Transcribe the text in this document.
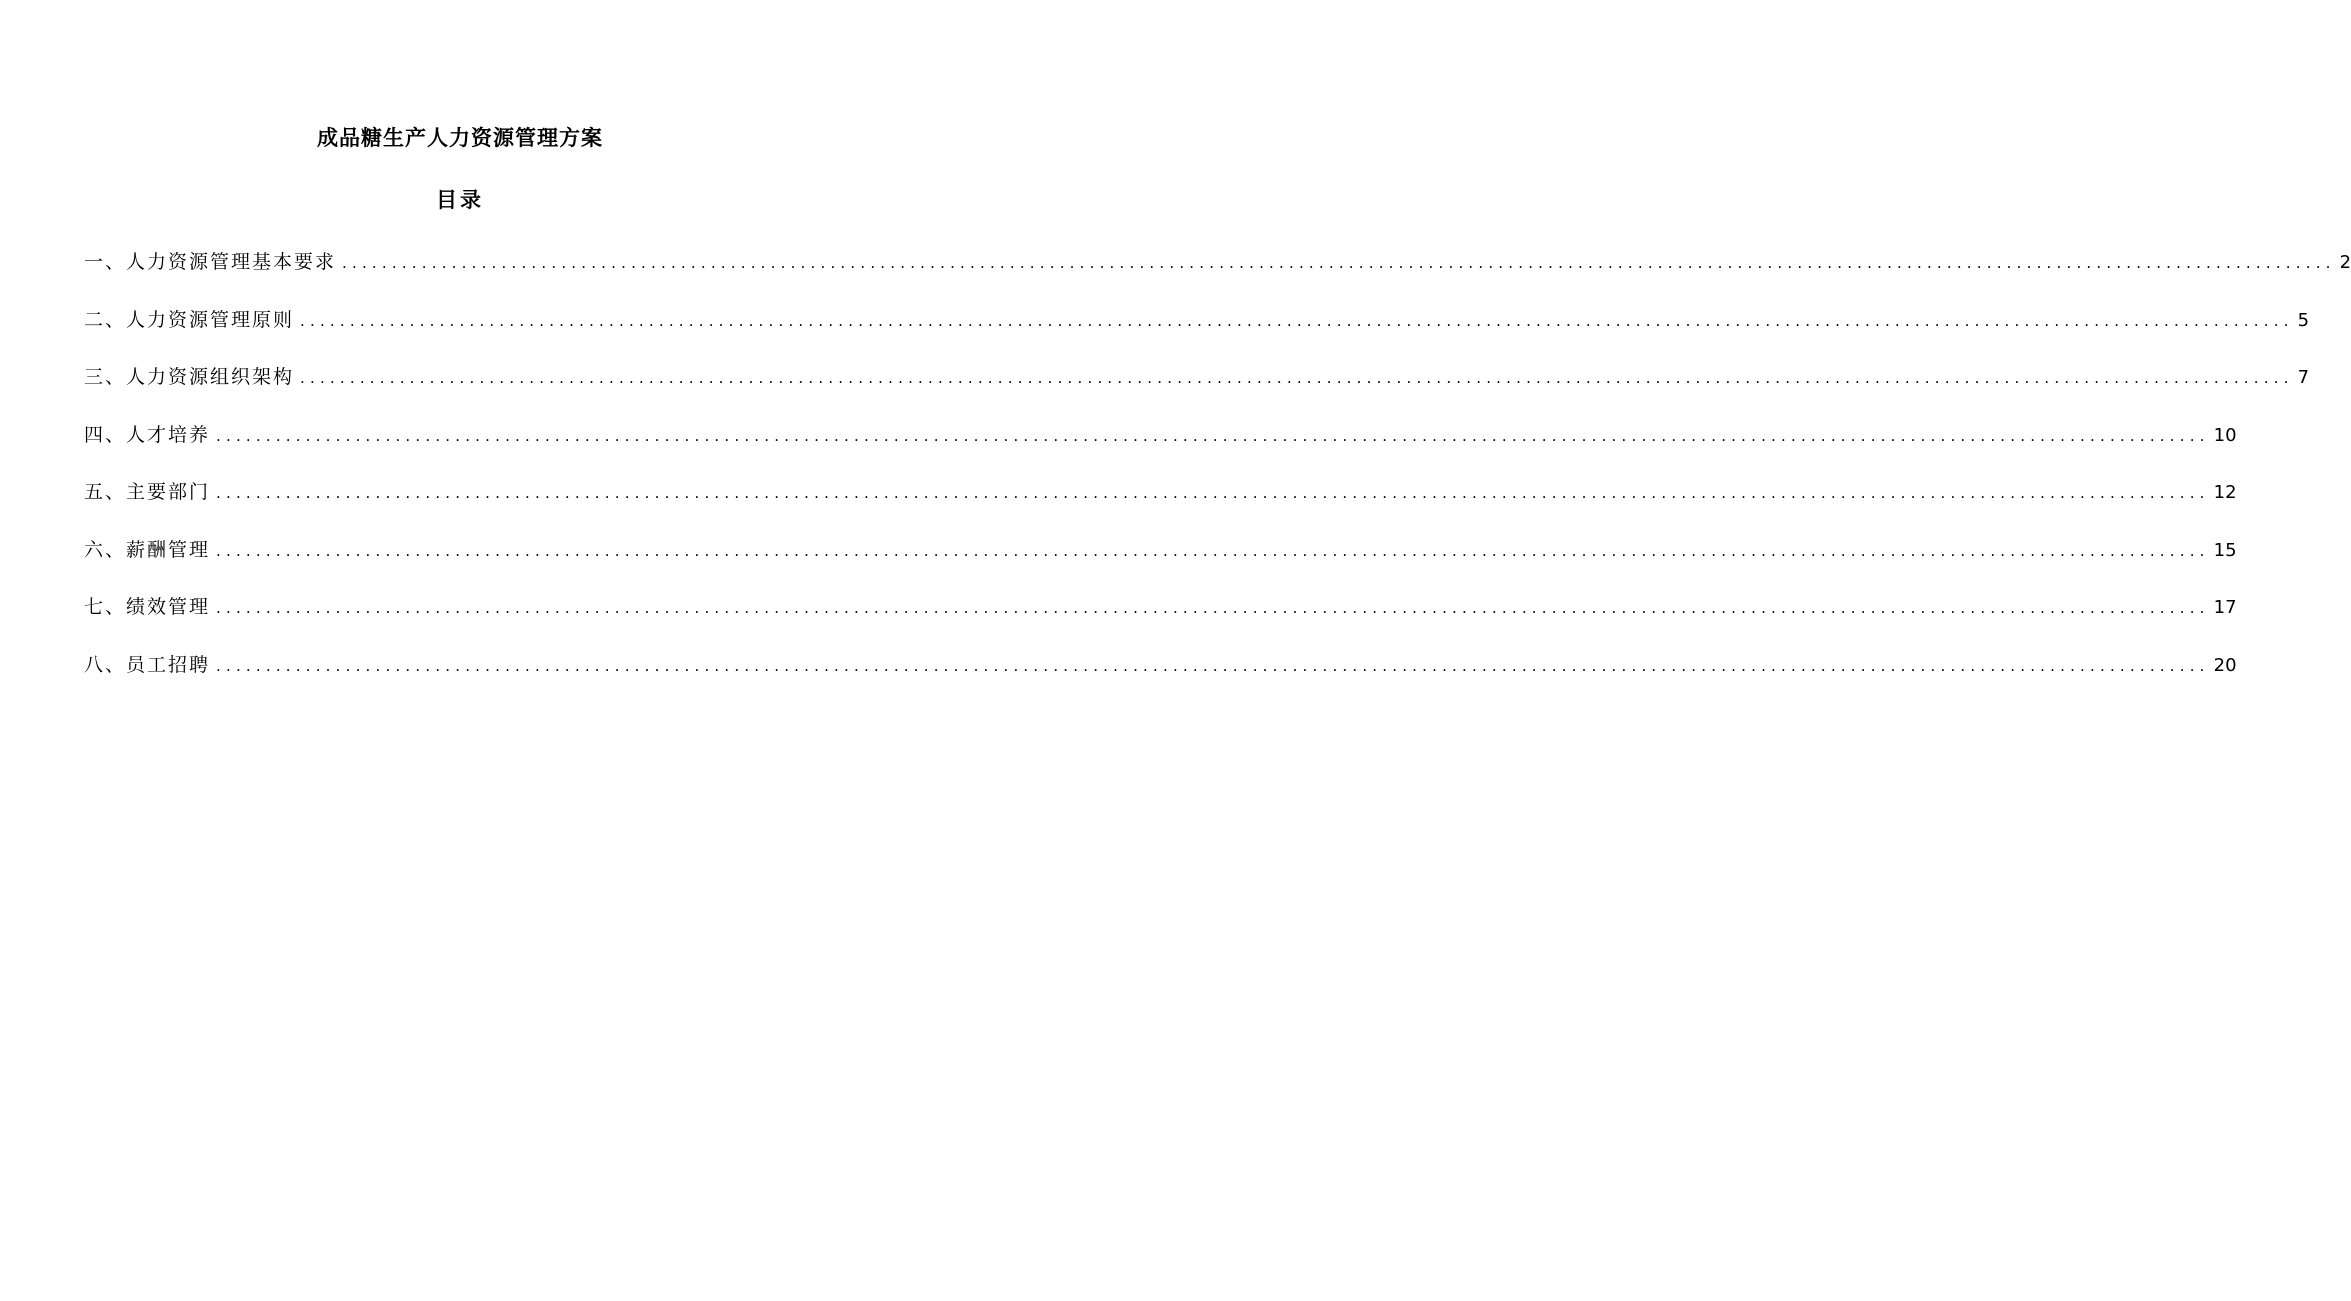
成品糖生产人力资源管理方案
目录
一、人力资源管理基本要求 ........................................................................................................................................................................................................ 2
二、人力资源管理原则 ........................................................................................................................................................................................................ 5
三、人力资源组织架构 ........................................................................................................................................................................................................ 7
四、人才培养 ........................................................................................................................................................................................................ 10
五、主要部门 ........................................................................................................................................................................................................ 12
六、薪酬管理 ........................................................................................................................................................................................................ 15
七、绩效管理 ........................................................................................................................................................................................................ 17
八、员工招聘 ........................................................................................................................................................................................................ 20
